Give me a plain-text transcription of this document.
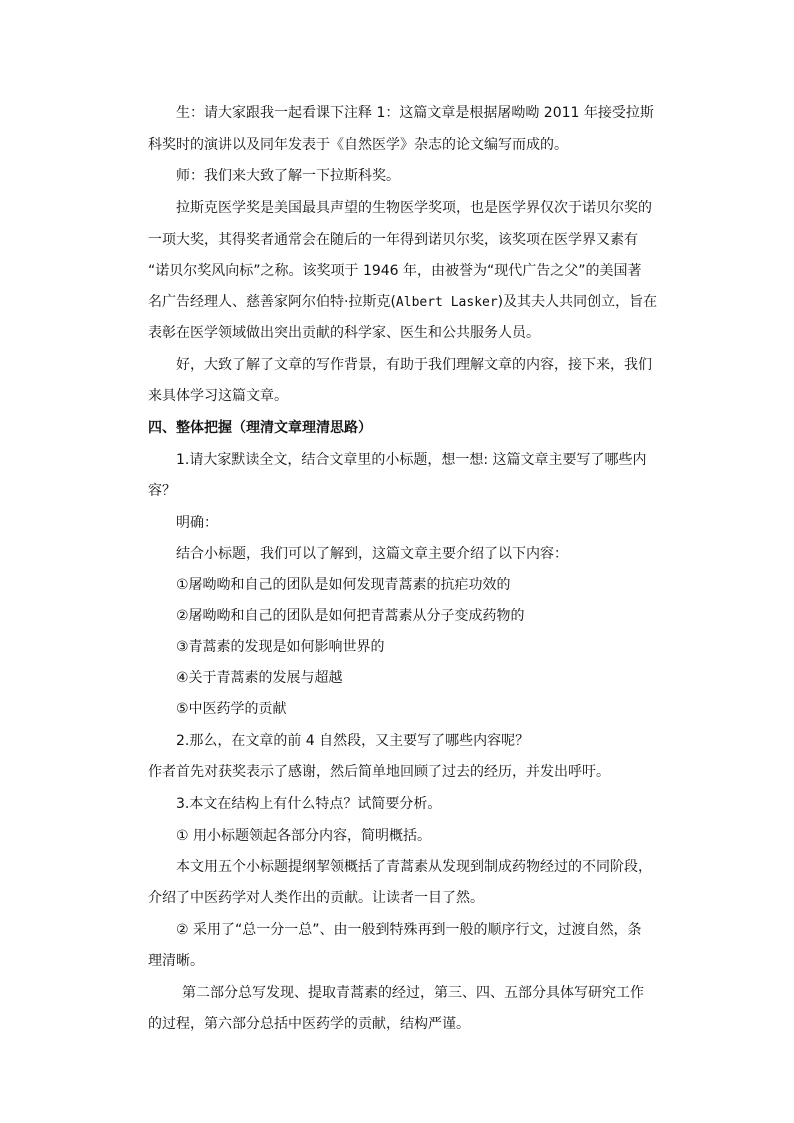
生：请大家跟我一起看课下注释 1：这篇文章是根据屠呦呦 2011 年接受拉斯
科奖时的演讲以及同年发表于《自然医学》杂志的论文编写而成的。
师：我们来大致了解一下拉斯科奖。
拉斯克医学奖是美国最具声望的生物医学奖项，也是医学界仅次于诺贝尔奖的
一项大奖，其得奖者通常会在随后的一年得到诺贝尔奖，该奖项在医学界又素有
“诺贝尔奖风向标”之称。该奖项于 1946 年，由被誉为“现代广告之父”的美国著
名广告经理人、慈善家阿尔伯特·拉斯克(Albert Lasker)及其夫人共同创立，旨在
表彰在医学领域做出突出贡献的科学家、医生和公共服务人员。
好，大致了解了文章的写作背景，有助于我们理解文章的内容，接下来，我们
来具体学习这篇文章。
四、整体把握（理清文章理清思路）
1.请大家默读全文，结合文章里的小标题，想一想: 这篇文章主要写了哪些内
容？
明确：
结合小标题，我们可以了解到，这篇文章主要介绍了以下内容：
①屠呦呦和自己的团队是如何发现青蒿素的抗疟功效的
②屠呦呦和自己的团队是如何把青蒿素从分子变成药物的
③青蒿素的发现是如何影响世界的
④关于青蒿素的发展与超越
⑤中医药学的贡献
2.那么，在文章的前 4 自然段，又主要写了哪些内容呢？
作者首先对获奖表示了感谢，然后简单地回顾了过去的经历，并发出呼吁。
3.本文在结构上有什么特点？试简要分析。
① 用小标题领起各部分内容，简明概括。
本文用五个小标题提纲挈领概括了青蒿素从发现到制成药物经过的不同阶段，
介绍了中医药学对人类作出的贡献。让读者一目了然。
② 采用了“总一分一总”、由一般到特殊再到一般的顺序行文，过渡自然，条
理清晰。
第二部分总写发现、提取青蒿素的经过，第三、四、五部分具体写研究工作
的过程，第六部分总括中医药学的贡献，结构严谨。
